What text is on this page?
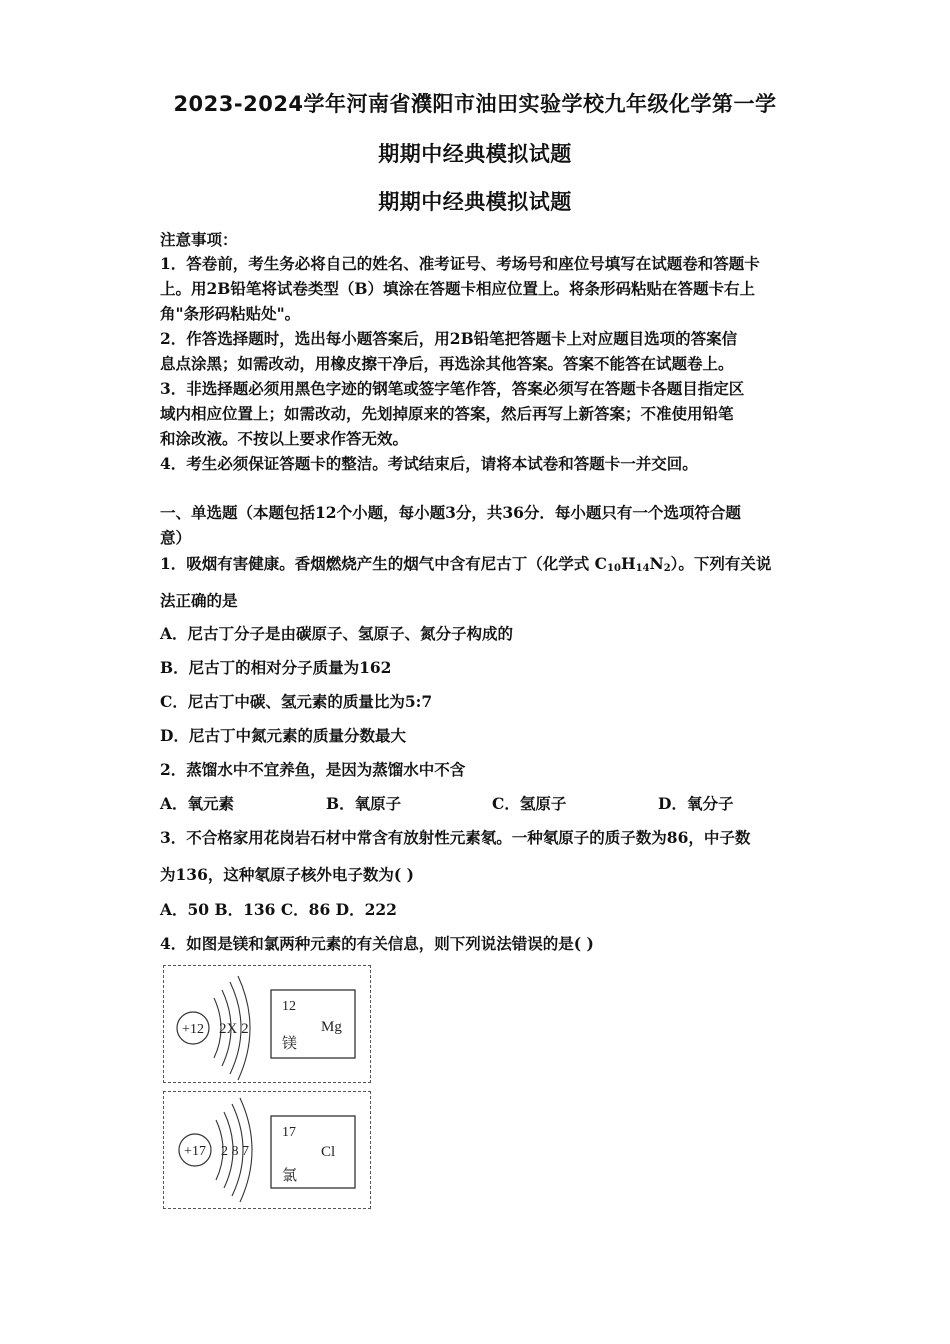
2023-2024学年河南省濮阳市油田实验学校九年级化学第一学
期期中经典模拟试题
期期中经典模拟试题
注意事项：
1．答卷前，考生务必将自己的姓名、准考证号、考场号和座位号填写在试题卷和答题卡
上。用2B铅笔将试卷类型（B）填涂在答题卡相应位置上。将条形码粘贴在答题卡右上
角"条形码粘贴处"。
2．作答选择题时，选出每小题答案后，用2B铅笔把答题卡上对应题目选项的答案信
息点涂黑；如需改动，用橡皮擦干净后，再选涂其他答案。答案不能答在试题卷上。
3．非选择题必须用黑色字迹的钢笔或签字笔作答，答案必须写在答题卡各题目指定区
域内相应位置上；如需改动，先划掉原来的答案，然后再写上新答案；不准使用铅笔
和涂改液。不按以上要求作答无效。
4．考生必须保证答题卡的整洁。考试结束后，请将本试卷和答题卡一并交回。
一、单选题（本题包括12个小题，每小题3分，共36分．每小题只有一个选项符合题
意）
1．吸烟有害健康。香烟燃烧产生的烟气中含有尼古丁（化学式 $C_{10}H_{14}N_2$）。下列有关说
法正确的是
A．尼古丁分子是由碳原子、氢原子、氮分子构成的
B．尼古丁的相对分子质量为162
C．尼古丁中碳、氢元素的质量比为5:7
D．尼古丁中氮元素的质量分数最大
2．蒸馏水中不宜养鱼，是因为蒸馏水中不含
A．氧元素	B．氧原子	C．氢原子	D．氧分子
3．不合格家用花岗岩石材中常含有放射性元素氡。一种氡原子的质子数为86，中子数
为136，这种氡原子核外电子数为( )
A．50 B．136 C．86 D．222
4．如图是镁和氯两种元素的有关信息，则下列说法错误的是( )
+12 2X 2
12
Mg
镁
+17 2 8 7
17
Cl
氯
